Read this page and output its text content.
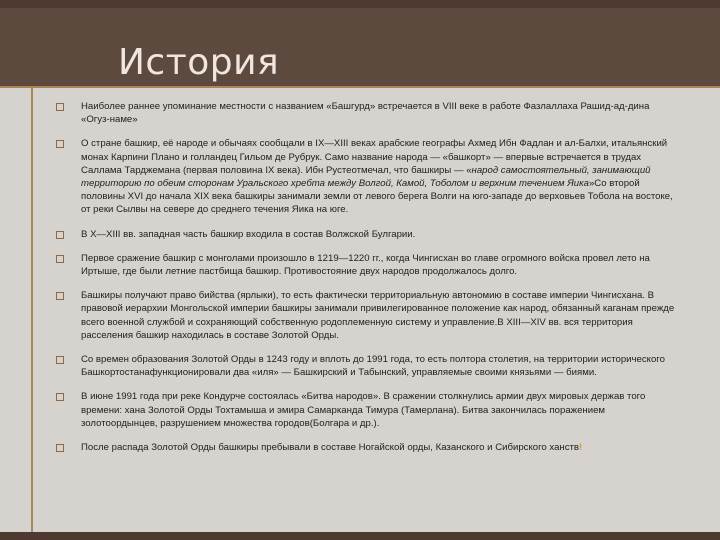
История
Наиболее раннее упоминание местности с названием «Башгурд» встречается в VIII веке в работе Фазлаллаха Рашид-ад-дина «Огуз-наме»
О стране башкир, её народе и обычаях сообщали в IX—XIII веках арабские географы Ахмед Ибн Фадлан и ал-Балхи, итальянский монах Карпини Плано и голландец Гильом де Рубрук. Само название народа — «башкорт» — впервые встречается в трудах Саллама Тарджемана (первая половина IX века). Ибн Рустеотмечал, что башкиры — «народ самостоятельный, занимающий территорию по обеим сторонам Уральского хребта между Волгой, Камой, Тоболом и верхним течением Яика»Со второй половины XVI до начала XIX века башкиры занимали земли от левого берега Волги на юго-западе до верховьев Тобола на востоке, от реки Сылвы на севере до среднего течения Яика на юге.
В X—XIII вв. западная часть башкир входила в состав Волжской Булгарии.
Первое сражение башкир с монголами произошло в 1219—1220 гг., когда Чингисхан во главе огромного войска провел лето на Иртыше, где были летние пастбища башкир. Противостояние двух народов продолжалось долго.
Башкиры получают право бийства (ярлыки), то есть фактически территориальную автономию в составе империи Чингисхана. В правовой иерархии Монгольской империи башкиры занимали привилегированное положение как народ, обязанный каганам прежде всего военной службой и сохраняющий собственную родоплеменную систему и управление.В XIII—XIV вв. вся территория расселения башкир находилась в составе Золотой Орды.
Со времен образования Золотой Орды в 1243 году и вплоть до 1991 года, то есть полтора столетия, на территории исторического Башкортостанафункционировали два «иля» — Башкирский и Табынский, управляемые своими князьями — биями.
В июне 1991 года при реке Кондурче состоялась «Битва народов». В сражении столкнулись армии двух мировых держав того времени: хана Золотой Орды Тохтамыша и эмира Самарканда Тимура (Тамерлана). Битва закончилась поражением золотоордынцев, разрушением множества городов(Болгара и др.).
После распада Золотой Орды башкиры пребывали в составе Ногайской орды, Казанского и Сибирского ханств!
